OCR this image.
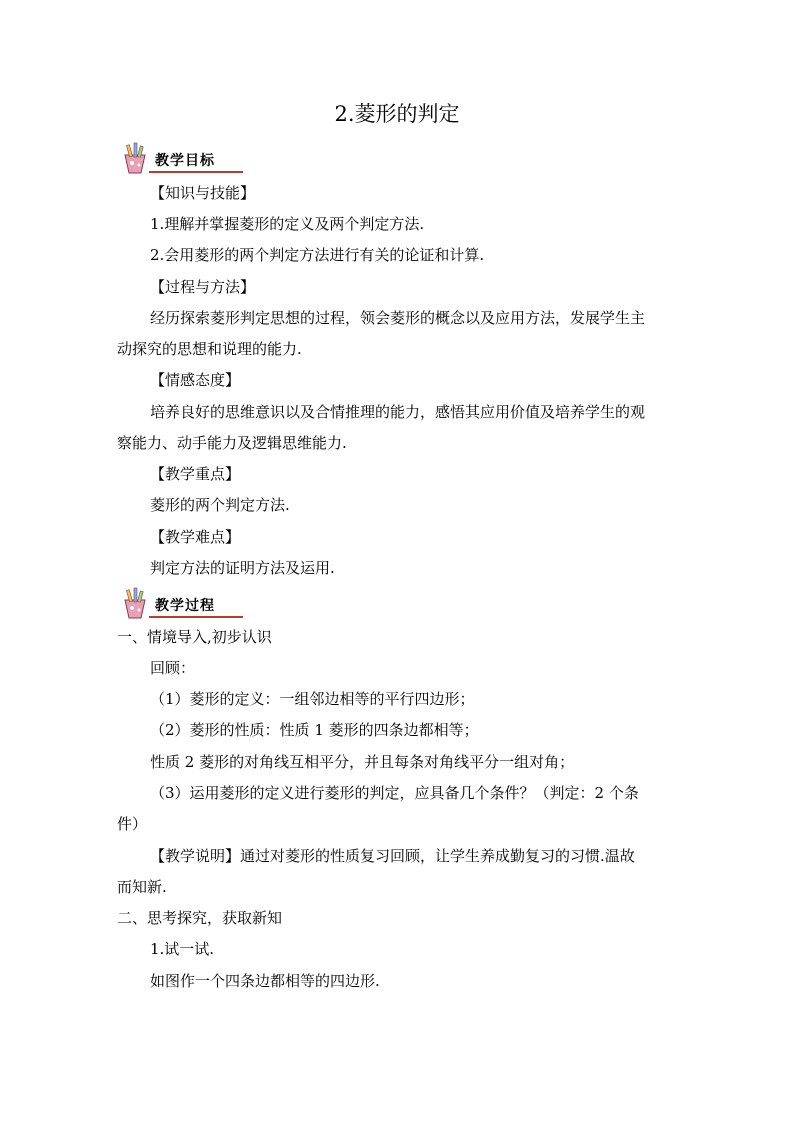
2.菱形的判定
教学目标
【知识与技能】
1.理解并掌握菱形的定义及两个判定方法.
2.会用菱形的两个判定方法进行有关的论证和计算.
【过程与方法】
经历探索菱形判定思想的过程，领会菱形的概念以及应用方法，发展学生主
动探究的思想和说理的能力.
【情感态度】
培养良好的思维意识以及合情推理的能力，感悟其应用价值及培养学生的观
察能力、动手能力及逻辑思维能力.
【教学重点】
菱形的两个判定方法.
【教学难点】
判定方法的证明方法及运用.
教学过程
一、情境导入,初步认识
回顾：
（1）菱形的定义：一组邻边相等的平行四边形；
（2）菱形的性质：性质 1 菱形的四条边都相等；
性质 2 菱形的对角线互相平分，并且每条对角线平分一组对角；
（3）运用菱形的定义进行菱形的判定，应具备几个条件？（判定：2 个条
件）
【教学说明】通过对菱形的性质复习回顾，让学生养成勤复习的习惯.温故
而知新.
二、思考探究，获取新知
1.试一试.
如图作一个四条边都相等的四边形.
